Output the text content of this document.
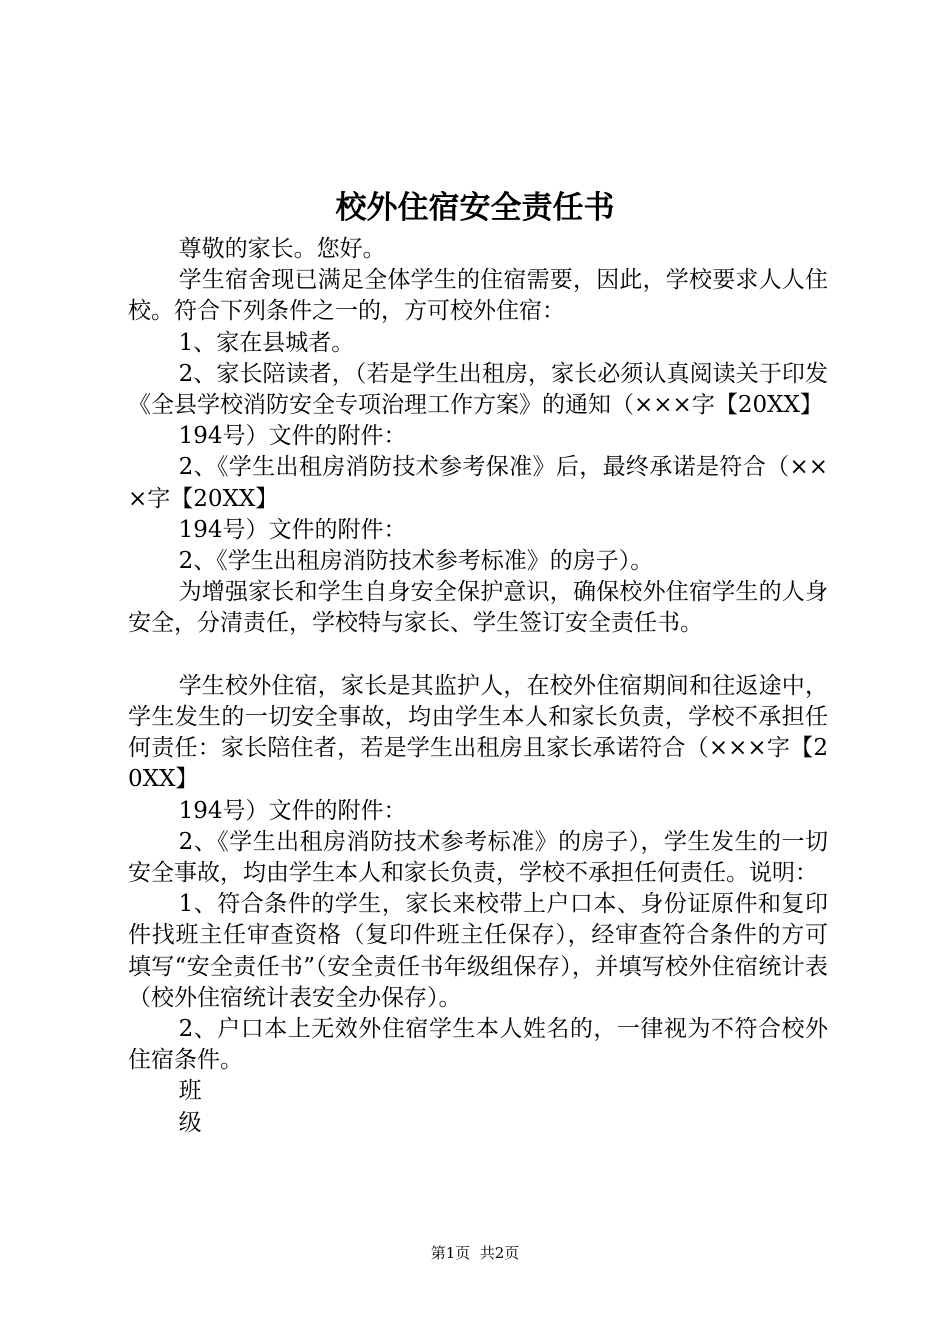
校外住宿安全责任书

尊敬的家长。您好。

学生宿舍现已满足全体学生的住宿需要，因此，学校要求人人住校。符合下列条件之一的，方可校外住宿：

1、家在县城者。

2、家长陪读者，（若是学生出租房，家长必须认真阅读关于印发《全县学校消防安全专项治理工作方案》的通知（×××字【20XX】

194号）文件的附件：

2、《学生出租房消防技术参考保准》后，最终承诺是符合（×××字【20XX】

194号）文件的附件：

2、《学生出租房消防技术参考标准》的房子）。

为增强家长和学生自身安全保护意识，确保校外住宿学生的人身安全，分清责任，学校特与家长、学生签订安全责任书。

学生校外住宿，家长是其监护人，在校外住宿期间和往返途中，学生发生的一切安全事故，均由学生本人和家长负责，学校不承担任何责任：家长陪住者，若是学生出租房且家长承诺符合（×××字【20XX】

194号）文件的附件：

2、《学生出租房消防技术参考标准》的房子），学生发生的一切安全事故，均由学生本人和家长负责，学校不承担任何责任。说明：

1、符合条件的学生，家长来校带上户口本、身份证原件和复印件找班主任审查资格（复印件班主任保存），经审查符合条件的方可填写“安全责任书”（安全责任书年级组保存），并填写校外住宿统计表（校外住宿统计表安全办保存）。

2、户口本上无效外住宿学生本人姓名的，一律视为不符合校外住宿条件。

班

级

第1页  共2页
